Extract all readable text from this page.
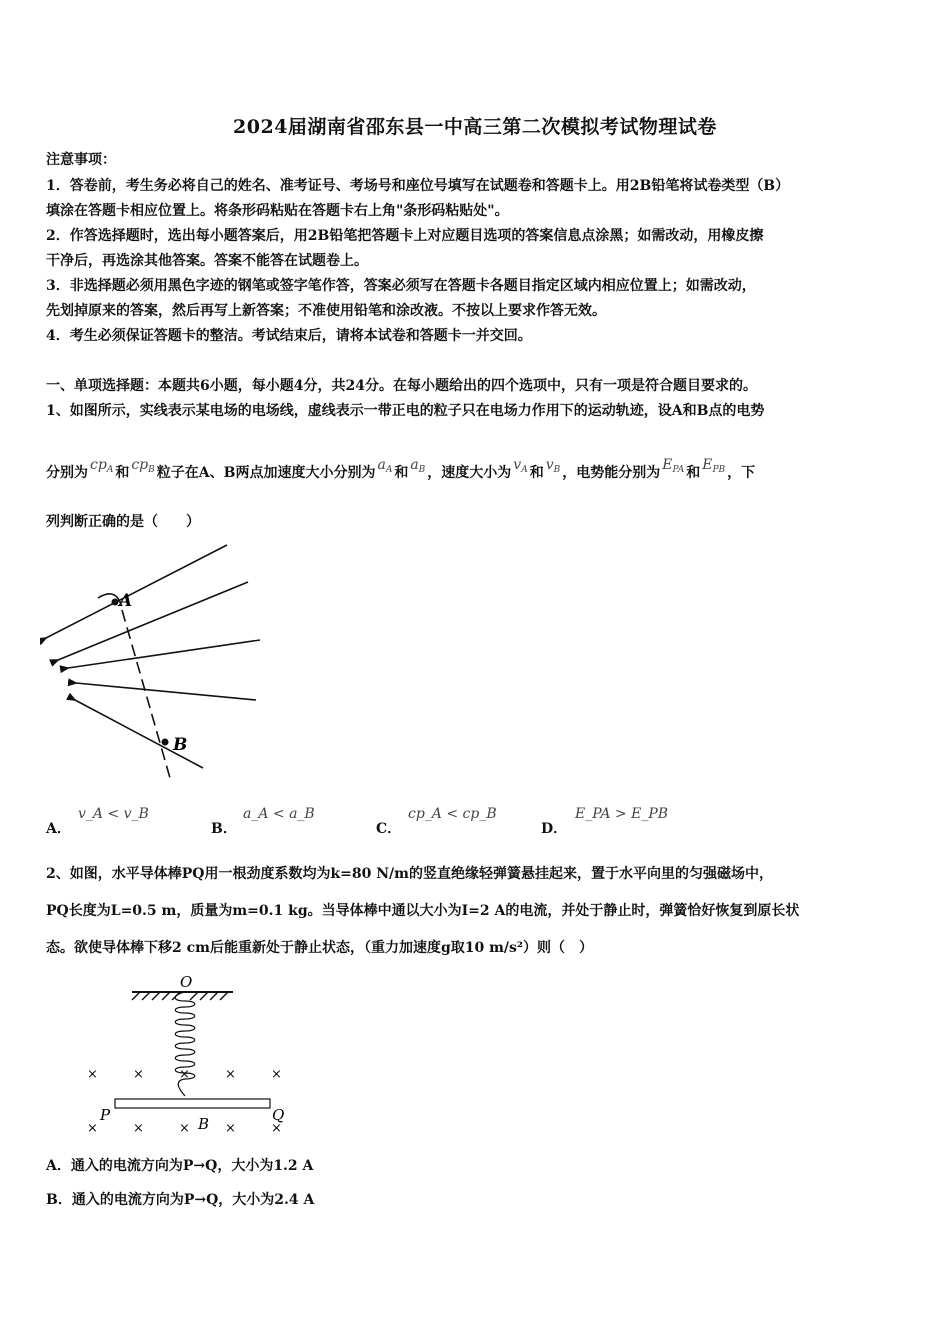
2024届湖南省邵东县一中高三第二次模拟考试物理试卷
注意事项：
1．答卷前，考生务必将自己的姓名、准考证号、考场号和座位号填写在试题卷和答题卡上。用2B铅笔将试卷类型（B）
填涂在答题卡相应位置上。将条形码粘贴在答题卡右上角"条形码粘贴处"。
2．作答选择题时，选出每小题答案后，用2B铅笔把答题卡上对应题目选项的答案信息点涂黑；如需改动，用橡皮擦
干净后，再选涂其他答案。答案不能答在试题卷上。
3．非选择题必须用黑色字迹的钢笔或签字笔作答，答案必须写在答题卡各题目指定区域内相应位置上；如需改动，
先划掉原来的答案，然后再写上新答案；不准使用铅笔和涂改液。不按以上要求作答无效。
4．考生必须保证答题卡的整洁。考试结束后，请将本试卷和答题卡一并交回。
一、单项选择题：本题共6小题，每小题4分，共24分。在每小题给出的四个选项中，只有一项是符合题目要求的。
1、如图所示，实线表示某电场的电场线，虚线表示一带正电的粒子只在电场力作用下的运动轨迹，设A和B点的电势
分别为 $cp_A$ 和 $cp_B$ 粒子在A、B两点加速度大小分别为 $a_A$ 和 $a_B$ ，速度大小为 $v_A$ 和 $v_B$ ，电势能分别为 $E_{PA}$ 和 $E_{PB}$ ，下
列判断正确的是（　　）
A
B
A．
v_A < v_B
B．
a_A < a_B
C．
cp_A < cp_B
D．
E_PA > E_PB
2、如图，水平导体棒PQ用一根劲度系数均为k=80 N/m的竖直绝缘轻弹簧悬挂起来，置于水平向里的匀强磁场中，
PQ长度为L=0.5 m，质量为m=0.1 kg。当导体棒中通以大小为I=2 A的电流，并处于静止时，弹簧恰好恢复到原长状
态。欲使导体棒下移2 cm后能重新处于静止状态，（重力加速度g取10 m/s²）则（　）
O
×	×	×	×	×
×	×	×	×	×
P	Q
B
A．通入的电流方向为P→Q，大小为1.2 A
B．通入的电流方向为P→Q，大小为2.4 A
